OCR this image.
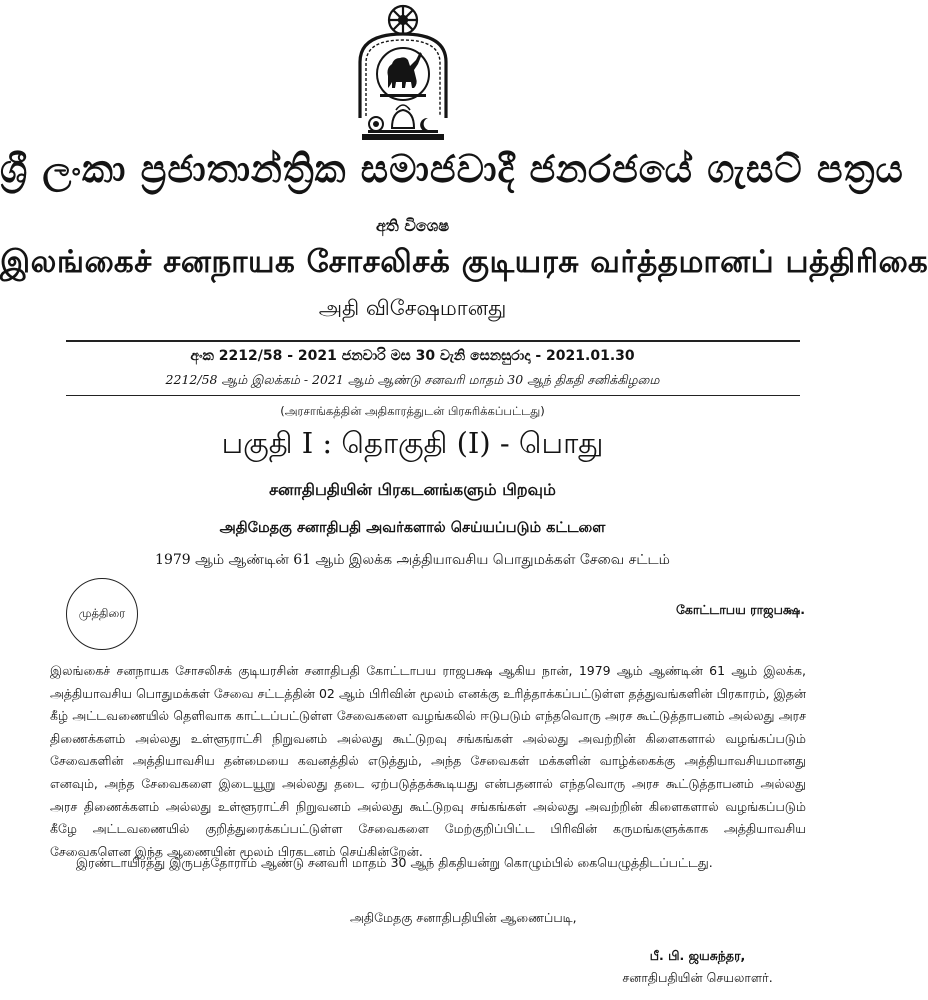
ශ්‍රී ලංකා ප්‍රජාතාන්ත්‍රික සමාජවාදී ජනරජයේ ගැසට් පත්‍රය
අති විශෙෂ
இலங்கைச் சனநாயக சோசலிசக் குடியரசு வர்த்தமானப் பத்திரிகை
அதி விசேஷமானது
අංක 2212/58 - 2021 ජනවාරි මස 30 වැනි සෙනසුරාදා - 2021.01.30
2212/58 ஆம் இலக்கம் - 2021 ஆம் ஆண்டு சனவரி மாதம் 30 ஆந் திகதி சனிக்கிழமை
(அரசாங்கத்தின் அதிகாரத்துடன் பிரசுரிக்கப்பட்டது)
பகுதி I : தொகுதி (I) - பொது
சனாதிபதியின் பிரகடனங்களும் பிறவும்
அதிமேதகு சனாதிபதி அவர்களால் செய்யப்படும் கட்டளை
1979 ஆம் ஆண்டின் 61 ஆம் இலக்க அத்தியாவசிய பொதுமக்கள் சேவை சட்டம்
முத்திரை	கோட்டாபய ராஜபக்ஷ.
இலங்கைச் சனநாயக சோசலிசக் குடியரசின் சனாதிபதி கோட்டாபய ராஜபக்ஷ ஆகிய நான், 1979 ஆம் ஆண்டின் 61 ஆம் இலக்க, அத்தியாவசிய பொதுமக்கள் சேவை சட்டத்தின் 02 ஆம் பிரிவின் மூலம் எனக்கு உரித்தாக்கப்பட்டுள்ள தத்துவங்களின் பிரகாரம், இதன் கீழ் அட்டவணையில் தெளிவாக காட்டப்பட்டுள்ள சேவைகளை வழங்கலில் ஈடுபடும் எந்தவொரு அரச கூட்டுத்தாபனம் அல்லது அரச திணைக்களம் அல்லது உள்ளூராட்சி நிறுவனம் அல்லது கூட்டுறவு சங்கங்கள் அல்லது அவற்றின் கிளைகளால் வழங்கப்படும் சேவைகளின் அத்தியாவசிய தன்மையை கவனத்தில் எடுத்தும், அந்த சேவைகள் மக்களின் வாழ்க்கைக்கு அத்தியாவசியமானது எனவும், அந்த சேவைகளை இடையூறு அல்லது தடை ஏற்படுத்தக்கூடியது என்பதனால் எந்தவொரு அரச கூட்டுத்தாபனம் அல்லது அரச திணைக்களம் அல்லது உள்ளூராட்சி நிறுவனம் அல்லது கூட்டுறவு சங்கங்கள் அல்லது அவற்றின் கிளைகளால் வழங்கப்படும் கீழே அட்டவணையில் குறித்துரைக்கப்பட்டுள்ள சேவைகளை மேற்குறிப்பிட்ட பிரிவின் கருமங்களுக்காக அத்தியாவசிய சேவைகளென இந்த ஆணையின் மூலம் பிரகடனம் செய்கின்றேன்.
இரண்டாயிரத்து இருபத்தோராம் ஆண்டு சனவரி மாதம் 30 ஆந் திகதியன்று கொழும்பில் கையெழுத்திடப்பட்டது.
அதிமேதகு சனாதிபதியின் ஆணைப்படி,
பீ. பி. ஜயசுந்தர,
சனாதிபதியின் செயலாளர்.
